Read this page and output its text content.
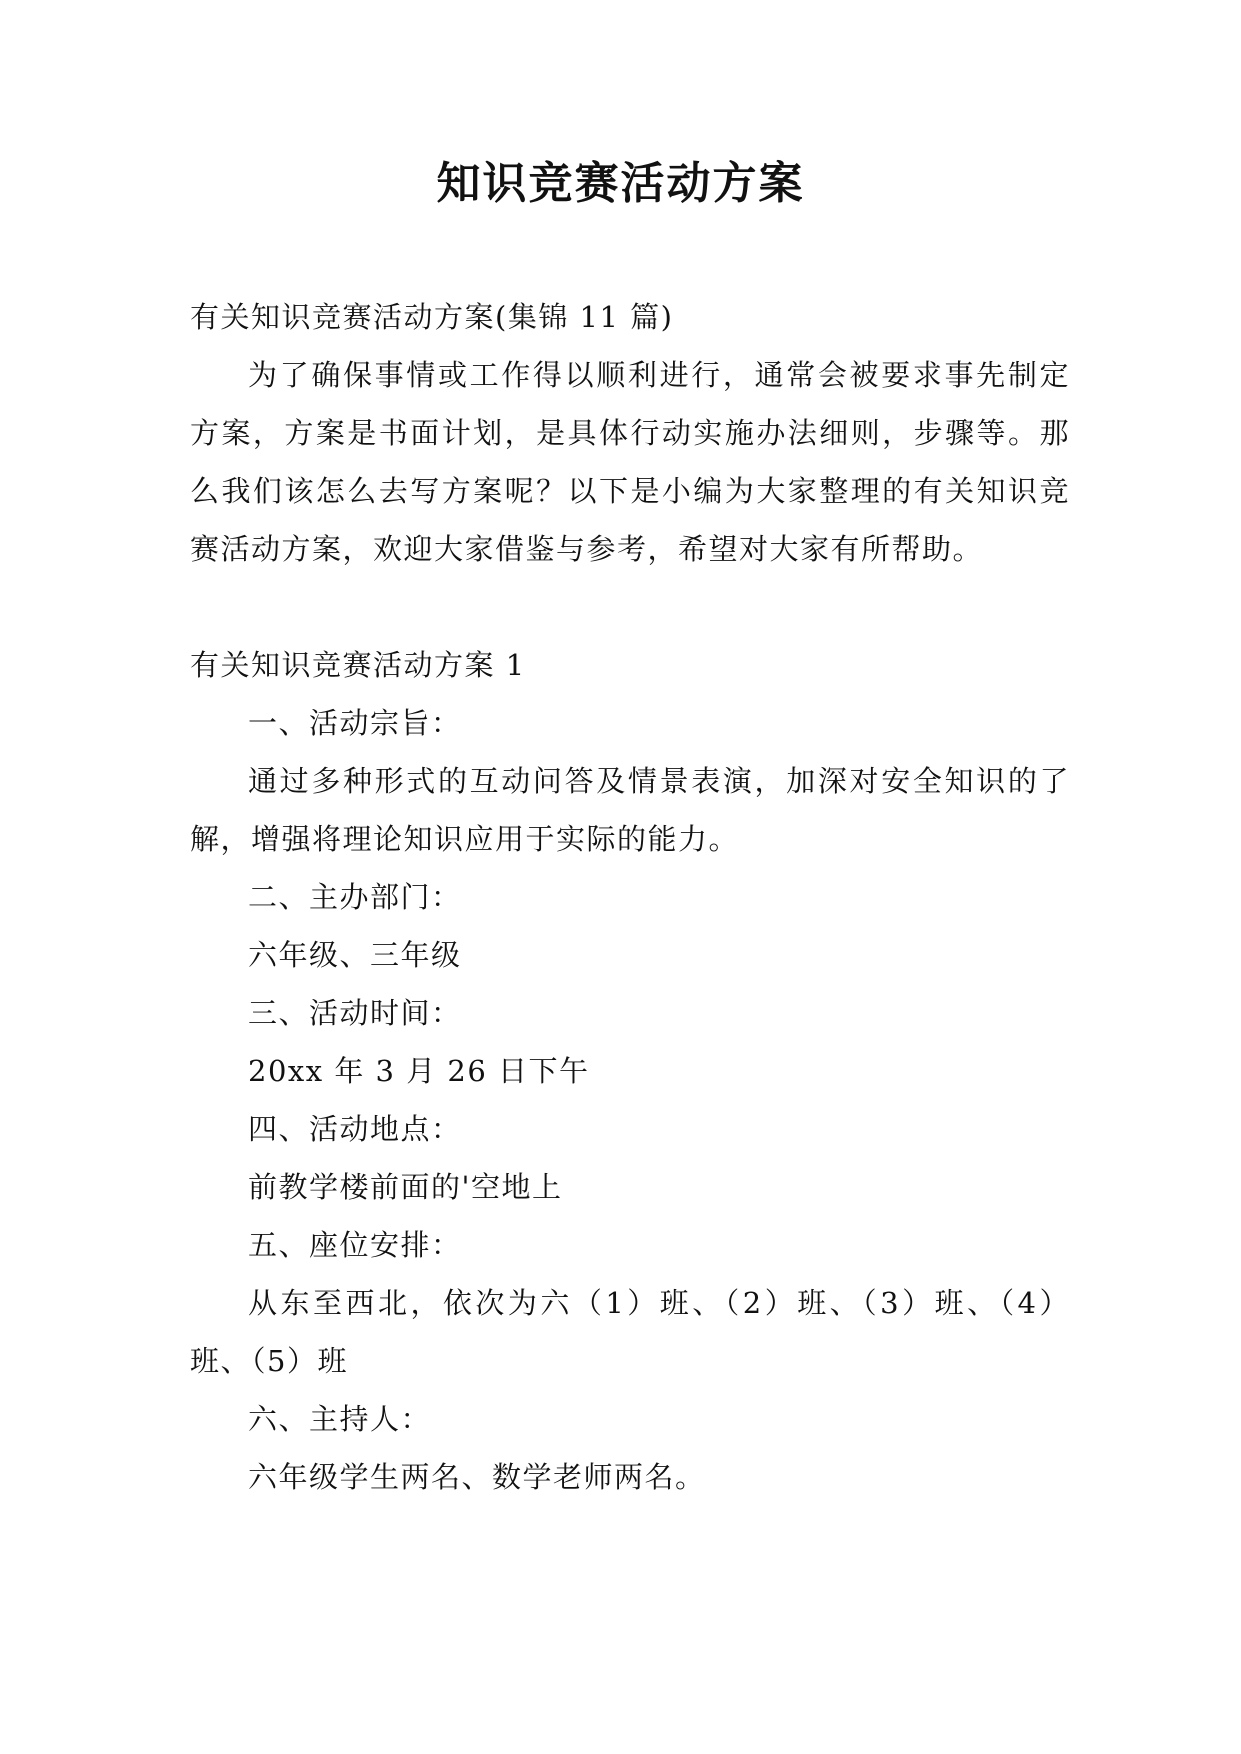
知识竞赛活动方案

有关知识竞赛活动方案(集锦 11 篇)

为了确保事情或工作得以顺利进行，通常会被要求事先制定方案，方案是书面计划，是具体行动实施办法细则，步骤等。那么我们该怎么去写方案呢？以下是小编为大家整理的有关知识竞赛活动方案，欢迎大家借鉴与参考，希望对大家有所帮助。

有关知识竞赛活动方案 1

一、活动宗旨：

通过多种形式的互动问答及情景表演，加深对安全知识的了解，增强将理论知识应用于实际的能力。

二、主办部门：

六年级、三年级

三、活动时间：

20xx 年 3 月 26 日下午

四、活动地点：

前教学楼前面的'空地上

五、座位安排：

从东至西北，依次为六（1）班、（2）班、（3）班、（4）班、（5）班

六、主持人：

六年级学生两名、数学老师两名。
